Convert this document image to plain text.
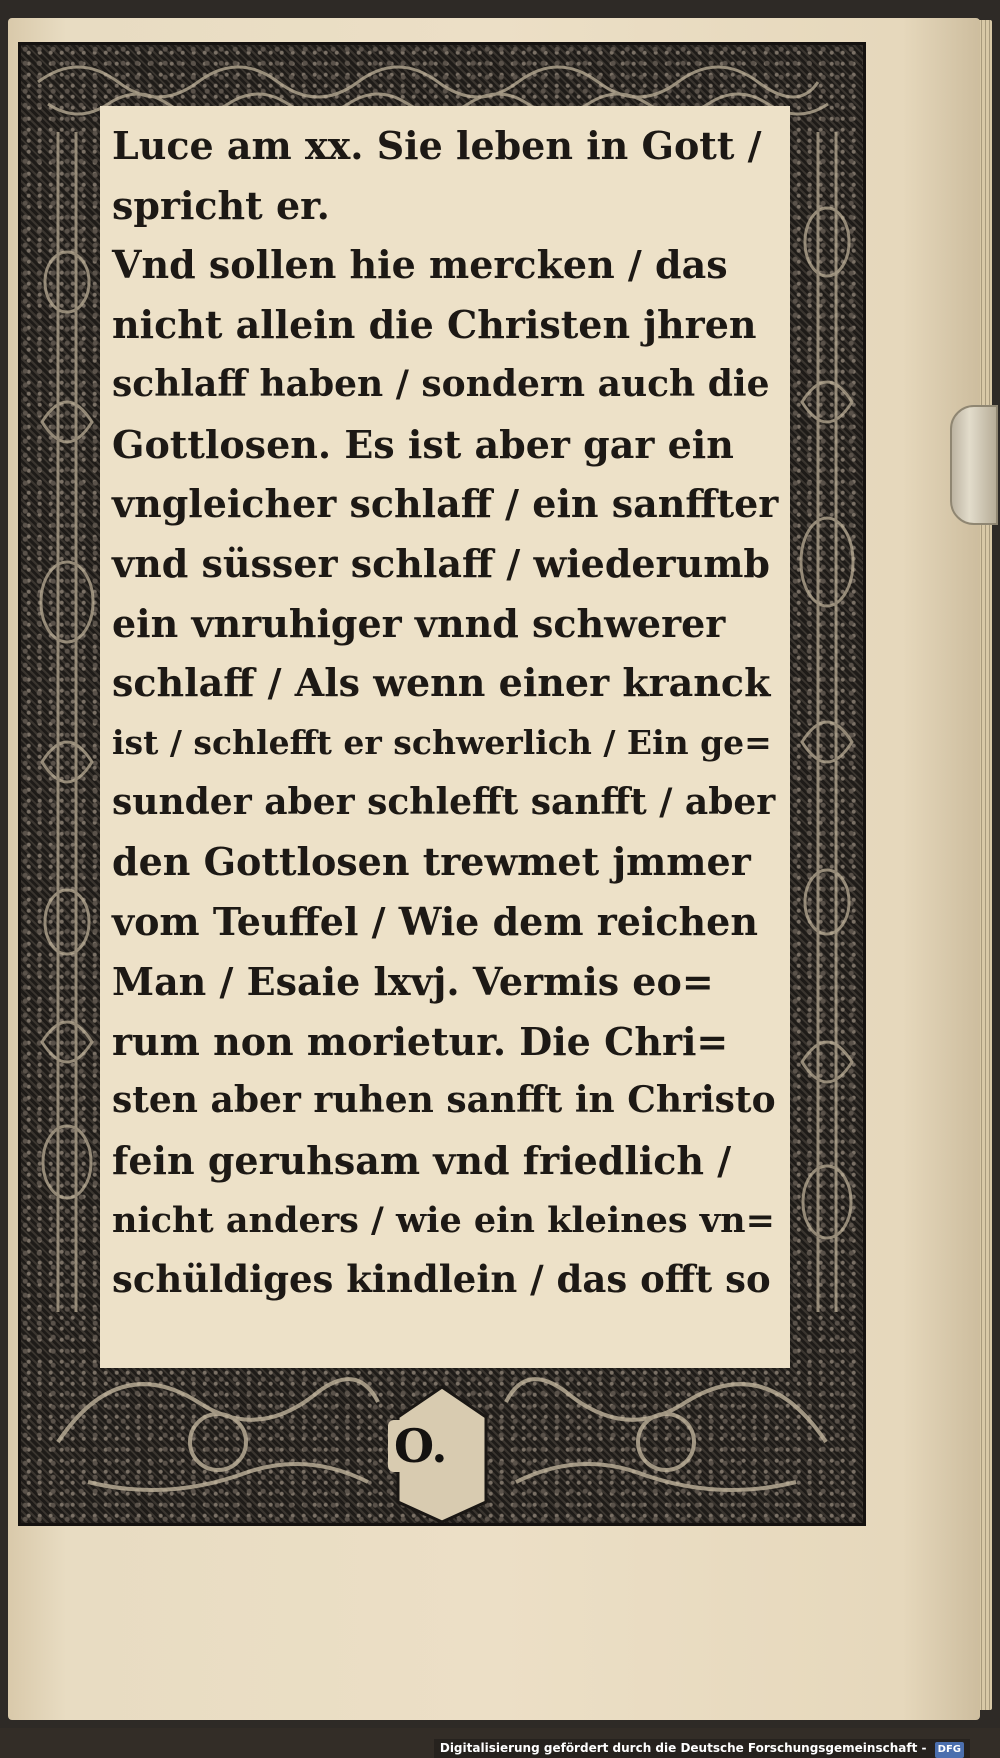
Luce am xx. Sie leben in Gott /
spricht er.
Vnd sollen hie mercken / das
nicht allein die Christen jhren
schlaff haben / sondern auch die
Gottlosen. Es ist aber gar ein
vngleicher schlaff / ein sanffter
vnd süsser schlaff / wiederumb
ein vnruhiger vnnd schwerer
schlaff / Als wenn einer kranck
ist / schlefft er schwerlich / Ein ge=
sunder aber schlefft sanfft / aber
den Gottlosen trewmet jmmer
vom Teuffel / Wie dem reichen
Man / Esaie lxvj. Vermis eo=
rum non morietur. Die Chri=
sten aber ruhen sanfft in Christo
fein geruhsam vnd friedlich /
nicht anders / wie ein kleines vn=
schüldiges kindlein / das offt so
O.
Digitalisierung gefördert durch die Deutsche Forschungsgemeinschaft - DFG
